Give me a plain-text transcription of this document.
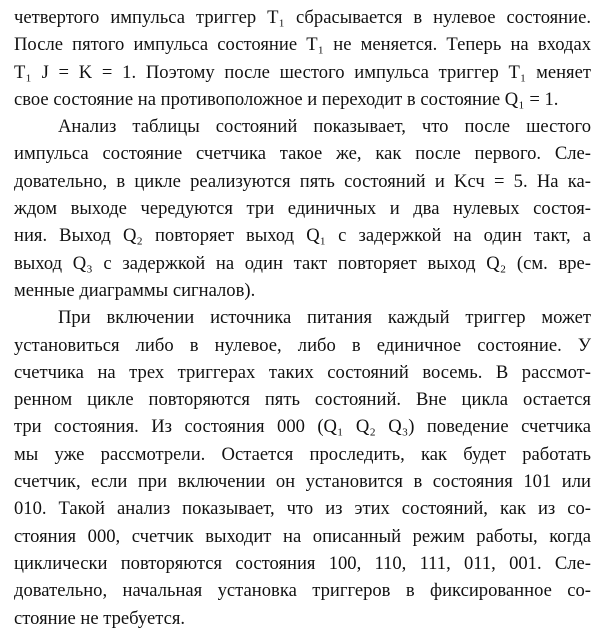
четвертого импульса триггер T₁ сбрасывается в нулевое состояние.
После пятого импульса состояние T₁ не меняется. Теперь на входах
T₁ J = K = 1. Поэтому после шестого импульса триггер T₁ меняет
свое состояние на противоположное и переходит в состояние Q₁ = 1.
Анализ таблицы состояний показывает, что после шестого
импульса состояние счетчика такое же, как после первого. Сле-
довательно, в цикле реализуются пять состояний и Kсч = 5. На ка-
ждом выходе чередуются три единичных и два нулевых состоя-
ния. Выход Q₂ повторяет выход Q₁ с задержкой на один такт, а
выход Q₃ с задержкой на один такт повторяет выход Q₂ (см. вре-
менные диаграммы сигналов).
При включении источника питания каждый триггер может
установиться либо в нулевое, либо в единичное состояние. У
счетчика на трех триггерах таких состояний восемь. В рассмот-
ренном цикле повторяются пять состояний. Вне цикла остается
три состояния. Из состояния 000 (Q₁ Q₂ Q₃) поведение счетчика
мы уже рассмотрели. Остается проследить, как будет работать
счетчик, если при включении он установится в состояния 101 или
010. Такой анализ показывает, что из этих состояний, как из со-
стояния 000, счетчик выходит на описанный режим работы, когда
циклически повторяются состояния 100, 110, 111, 011, 001. Сле-
довательно, начальная установка триггеров в фиксированное со-
стояние не требуется.
